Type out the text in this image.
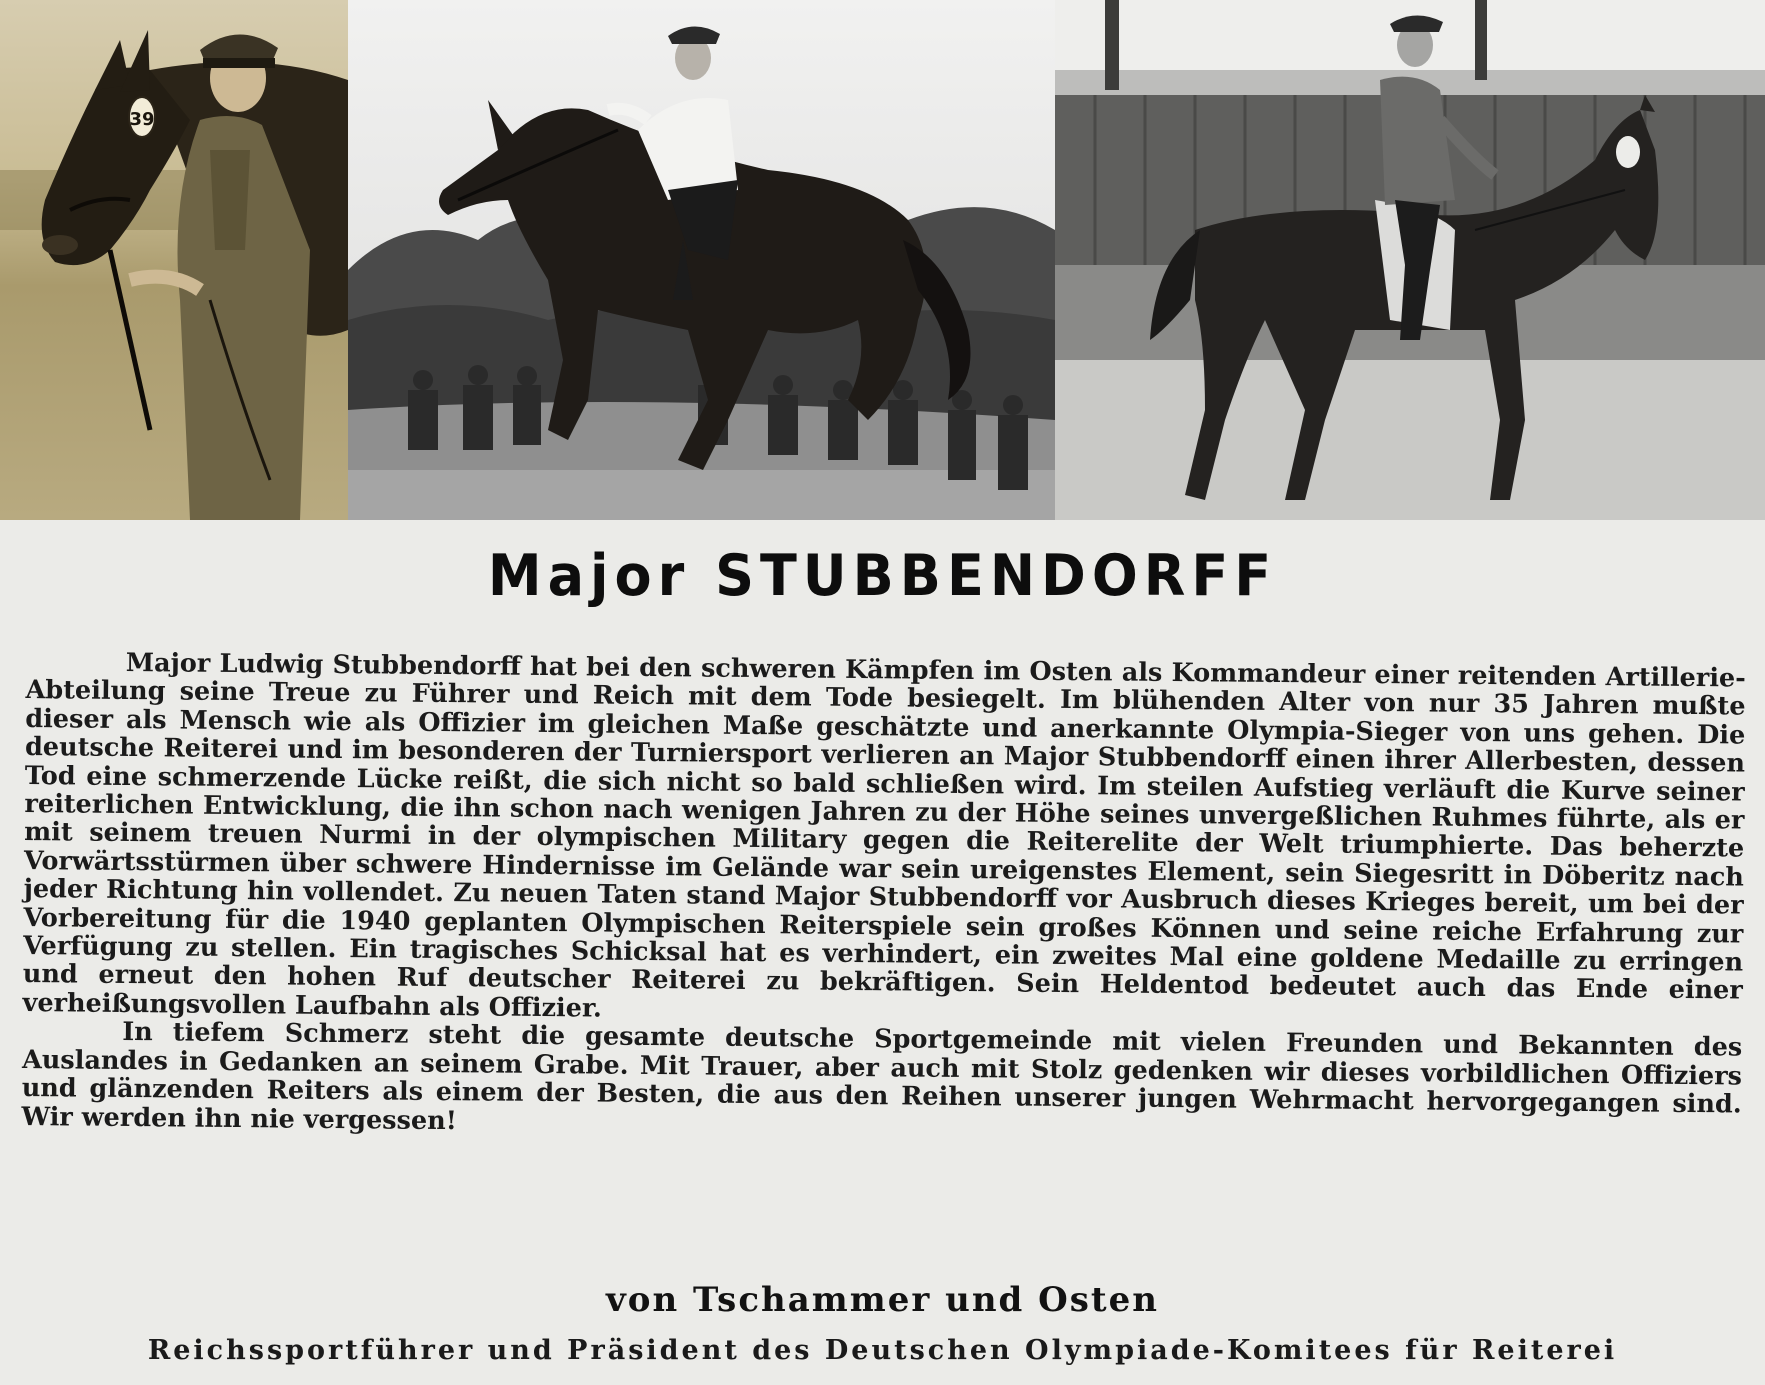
39
Major STUBBENDORFF

Major Ludwig Stubbendorff hat bei den schweren Kämpfen im Osten als Kommandeur einer reitenden Artillerie-Abteilung seine Treue zu Führer und Reich mit dem Tode besiegelt. Im blühenden Alter von nur 35 Jahren mußte dieser als Mensch wie als Offizier im gleichen Maße geschätzte und anerkannte Olympia-Sieger von uns gehen. Die deutsche Reiterei und im besonderen der Turniersport verlieren an Major Stubbendorff einen ihrer Allerbesten, dessen Tod eine schmerzende Lücke reißt, die sich nicht so bald schließen wird. Im steilen Aufstieg verläuft die Kurve seiner reiterlichen Entwicklung, die ihn schon nach wenigen Jahren zu der Höhe seines unvergeßlichen Ruhmes führte, als er mit seinem treuen Nurmi in der olympischen Military gegen die Reiterelite der Welt triumphierte. Das beherzte Vorwärtsstürmen über schwere Hindernisse im Gelände war sein ureigenstes Element, sein Siegesritt in Döberitz nach jeder Richtung hin vollendet. Zu neuen Taten stand Major Stubbendorff vor Ausbruch dieses Krieges bereit, um bei der Vorbereitung für die 1940 geplanten Olympischen Reiterspiele sein großes Können und seine reiche Erfahrung zur Verfügung zu stellen. Ein tragisches Schicksal hat es verhindert, ein zweites Mal eine goldene Medaille zu erringen und erneut den hohen Ruf deutscher Reiterei zu bekräftigen. Sein Heldentod bedeutet auch das Ende einer verheißungsvollen Laufbahn als Offizier.

In tiefem Schmerz steht die gesamte deutsche Sportgemeinde mit vielen Freunden und Bekannten des Auslandes in Gedanken an seinem Grabe. Mit Trauer, aber auch mit Stolz gedenken wir dieses vorbildlichen Offiziers und glänzenden Reiters als einem der Besten, die aus den Reihen unserer jungen Wehrmacht hervorgegangen sind. Wir werden ihn nie vergessen!

von Tschammer und Osten
Reichssportführer und Präsident des Deutschen Olympiade-Komitees für Reiterei
